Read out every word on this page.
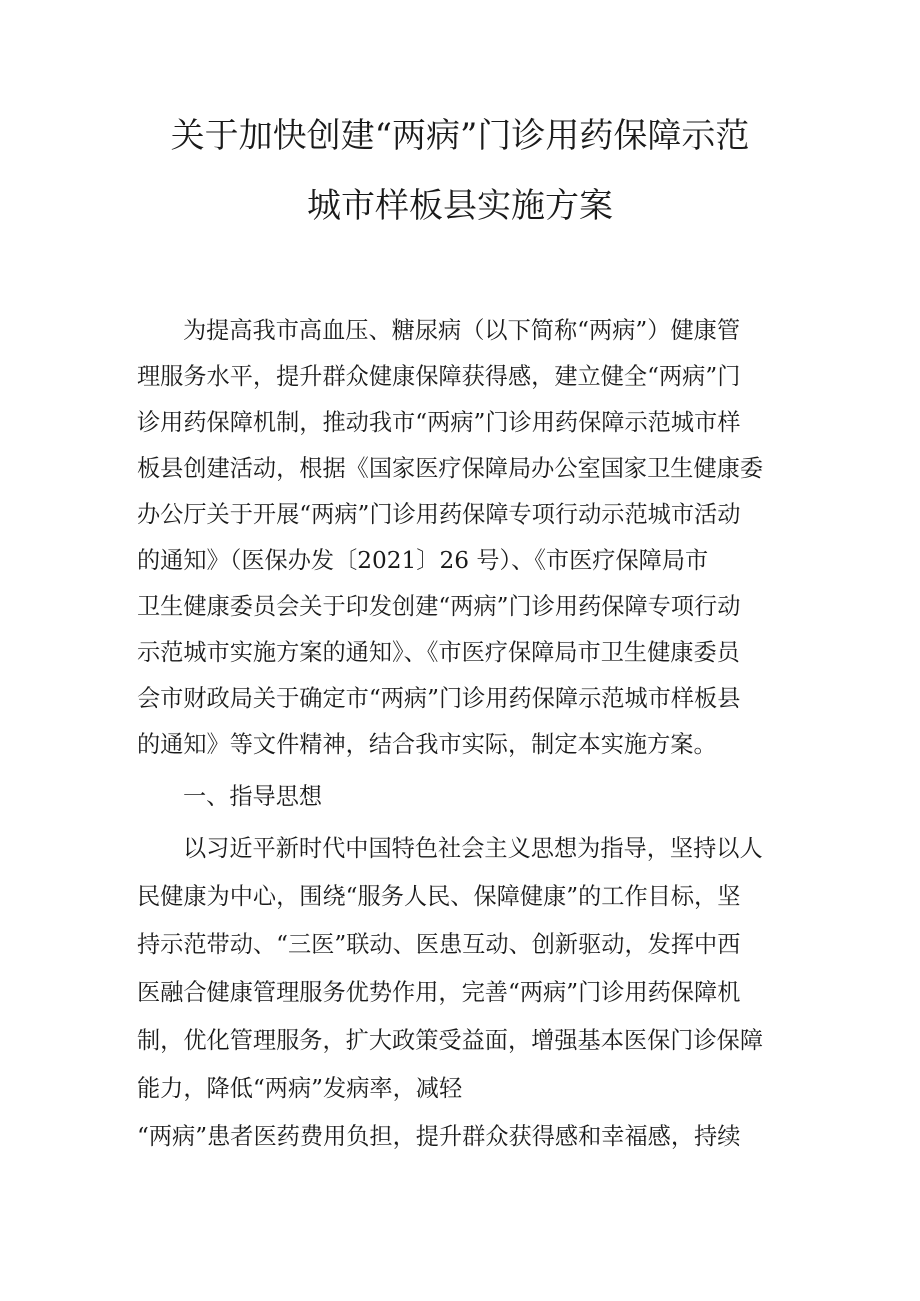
关于加快创建“两病”门诊用药保障示范
城市样板县实施方案

为提高我市高血压、糖尿病（以下简称“两病”）健康管

理服务水平，提升群众健康保障获得感，建立健全“两病”门

诊用药保障机制，推动我市“两病”门诊用药保障示范城市样

板县创建活动，根据《国家医疗保障局办公室国家卫生健康委

办公厅关于开展“两病”门诊用药保障专项行动示范城市活动

的通知》（医保办发〔2021〕26 号）、《市医疗保障局市

卫生健康委员会关于印发创建“两病”门诊用药保障专项行动

示范城市实施方案的通知》、《市医疗保障局市卫生健康委员

会市财政局关于确定市“两病”门诊用药保障示范城市样板县

的通知》等文件精神，结合我市实际，制定本实施方案。

一、指导思想

以习近平新时代中国特色社会主义思想为指导，坚持以人

民健康为中心，围绕“服务人民、保障健康”的工作目标，坚

持示范带动、“三医”联动、医患互动、创新驱动，发挥中西

医融合健康管理服务优势作用，完善“两病”门诊用药保障机

制，优化管理服务，扩大政策受益面，增强基本医保门诊保障

能力，降低“两病”发病率，减轻

“两病”患者医药费用负担，提升群众获得感和幸福感，持续
